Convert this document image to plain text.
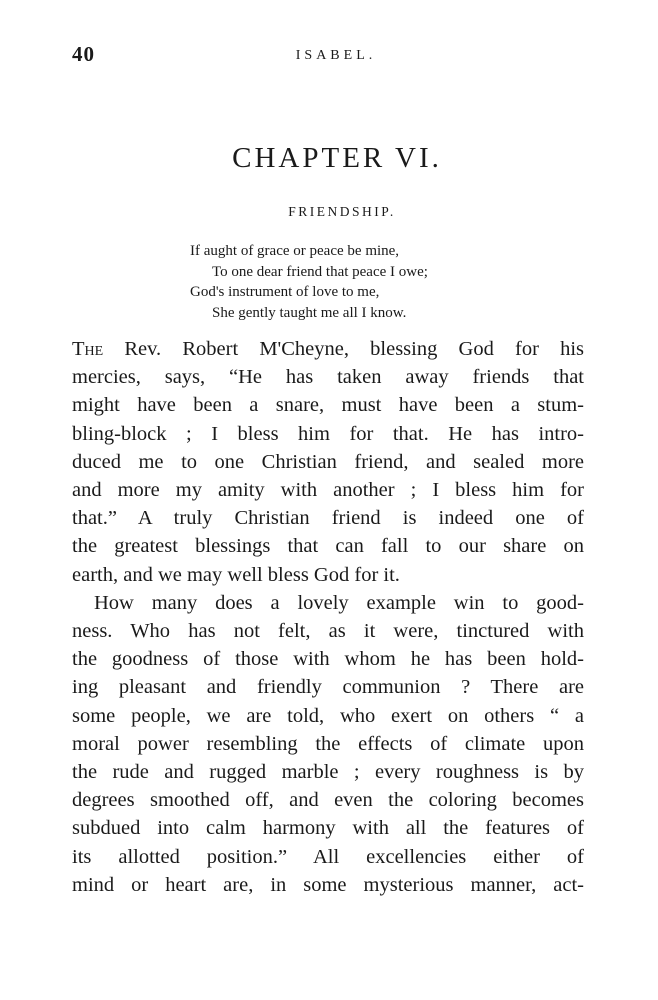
40	ISABEL.
CHAPTER VI.
FRIENDSHIP.
If aught of grace or peace be mine,
To one dear friend that peace I owe;
God's instrument of love to me,
She gently taught me all I know.
The Rev. Robert M'Cheyne, blessing God for his
mercies, says, “He has taken away friends that
might have been a snare, must have been a stum-
bling-block ; I bless him for that. He has intro-
duced me to one Christian friend, and sealed more
and more my amity with another ; I bless him for
that.” A truly Christian friend is indeed one of
the greatest blessings that can fall to our share on
earth, and we may well bless God for it.
How many does a lovely example win to good-
ness. Who has not felt, as it were, tinctured with
the goodness of those with whom he has been hold-
ing pleasant and friendly communion ? There are
some people, we are told, who exert on others “ a
moral power resembling the effects of climate upon
the rude and rugged marble ; every roughness is by
degrees smoothed off, and even the coloring becomes
subdued into calm harmony with all the features of
its allotted position.” All excellencies either of
mind or heart are, in some mysterious manner, act-
